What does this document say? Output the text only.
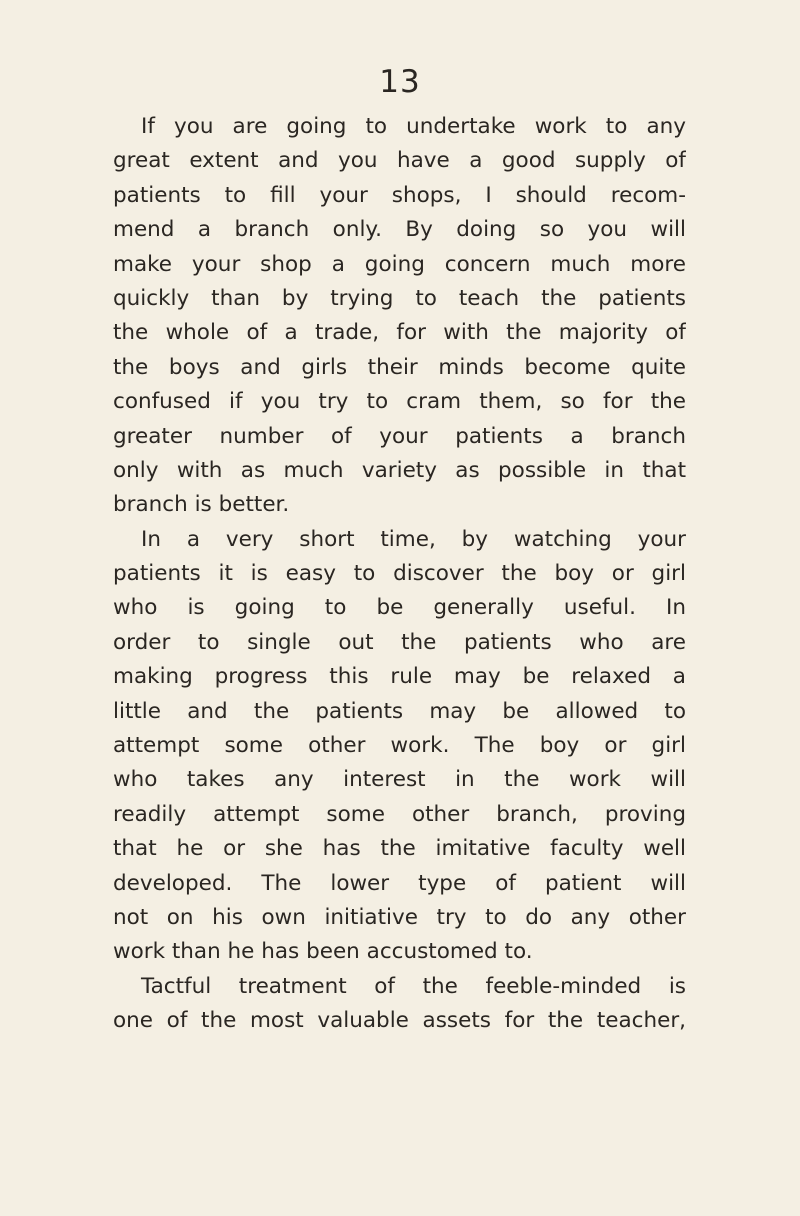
13
If you are going to undertake work to any
great extent and you have a good supply of
patients to fill your shops, I should recom-
mend a branch only. By doing so you will
make your shop a going concern much more
quickly than by trying to teach the patients
the whole of a trade, for with the majority of
the boys and girls their minds become quite
confused if you try to cram them, so for the
greater number of your patients a branch
only with as much variety as possible in that
branch is better.
In a very short time, by watching your
patients it is easy to discover the boy or girl
who is going to be generally useful. In
order to single out the patients who are
making progress this rule may be relaxed a
little and the patients may be allowed to
attempt some other work. The boy or girl
who takes any interest in the work will
readily attempt some other branch, proving
that he or she has the imitative faculty well
developed. The lower type of patient will
not on his own initiative try to do any other
work than he has been accustomed to.
Tactful treatment of the feeble-minded is
one of the most valuable assets for the teacher,
